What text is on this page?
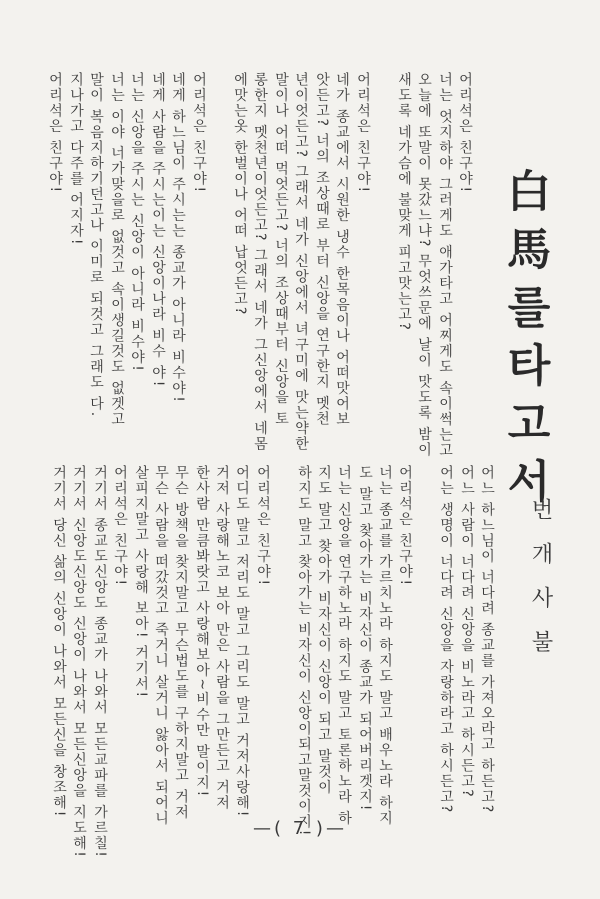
白馬를타고서
번개사불
—( 7 )—
어리석은 친구야!
너는 엇지하야 그러게도 애가타고 어찌게도 속이썩는고
오늘에 또말이 못갔느냐? 무엇쓰문에 날이 맛도록 밤이
새도록 네가슴에 불맞게 피고맛는고?
어리석은 친구야!
네가 종교에서 시원한 냉수 한목음이나 어떠맛어보
앗든고? 너의 조상때로 부터 신앙을 연구한지 멧천
년이엇든고? 그래서 네가 신앙에서 녀구미에 맛는약한
말이나 어떠 먹엇든고? 너의 조상때부터 신앙을 토
롱한지 멧천년이엇든고? 그래서 네가 그신앙에서 네몸
에맛는옷 한벌이나 어떠 납엇든고?
어리석은 친구야!
네게 하느님이 주시는는 종교가 아니라 비수야!
네게 사람을 주시는이는 신앙이나라 비수 야!
너는 신앙을 주시는 신앙이 아니라 비수야!
너는 이야 너가맞을로 없것고 속이생길것도 없겟고
말이 복음지하기던고나 이미로 되것고 그래도 다.
지나가고 다주를 어지자!
어리석은 친구야!
어느 하느님이 너다려 종교를 가져오라고 하든고?
어느 사람이 너다려 신앙을 비노라고 하시든고?
어는 생명이 너다려 신앙을 자랑하라고 하시든고?
어리석은 친구야!
너는 종교를 가르치노라 하지도 말고 배우노라 하지
도 말고 찾아가는 비자신이 종교가 되어버리겟지!
너는 신앙을 연구하노라 하지도 말고 토론하노라 하
지도 말고 찾아가 비자신이 신앙이 되고 말것이
하지도 말고 찾아가는 비자신이 신앙이되고말것이지!
어리석은 친구야!
어디도 말고 저리도 말고 그리도 말고 거저사랑해!
거저 사랑해노코 보아 만은 사람을 그만든고 거저
한사람 만큼봐랏고 사랑해보아~비수만 말이지!
무슨 방책을 찾지말고 무슨법도를 구하지말고 거저
무슨 사람을 떠갔것고 죽거니 살거니 앓아서 되어니
살피지말고 사랑해 보아! 거기서!
어리석은 친구야!
거기서 종교도신앙도 종교가 나와서 모든교파를 가르칠!
거기서 신앙도신앙도 신앙이 나와서 모든신앙을 지도해!
거기서 당신 삶의 신앙이 나와서 모든신을 창조해!
